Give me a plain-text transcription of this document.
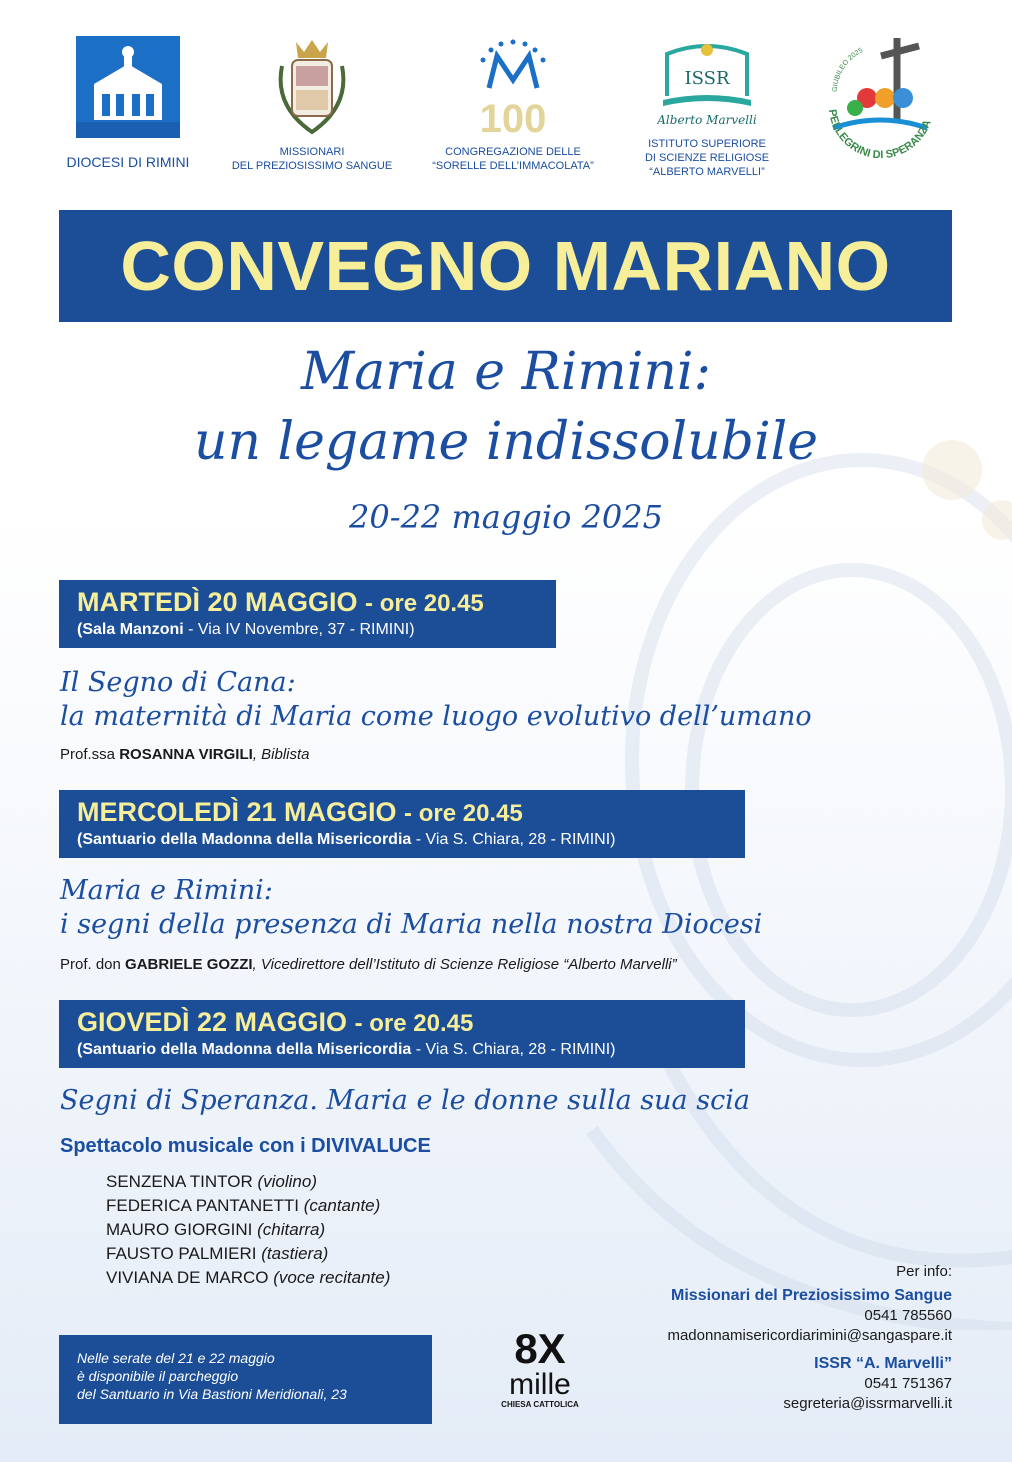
DIOCESI DI RIMINI
MISSIONARI
DEL PREZIOSISSIMO SANGUE
100
CONGREGAZIONE DELLE
“SORELLE DELL’IMMACOLATA”
ISSR
Alberto Marvelli
ISTITUTO SUPERIORE
DI SCIENZE RELIGIOSE
“ALBERTO MARVELLI”
GIUBILEO 2025
PELLEGRINI DI SPERANZA
CONVEGNO MARIANO
Maria e Rimini:
un legame indissolubile
20-22 maggio 2025
MARTEDÌ 20 MAGGIO - ore 20.45
(Sala Manzoni - Via IV Novembre, 37 - RIMINI)
Il Segno di Cana:
la maternità di Maria come luogo evolutivo dell’umano
Prof.ssa ROSANNA VIRGILI, Biblista
MERCOLEDÌ 21 MAGGIO - ore 20.45
(Santuario della Madonna della Misericordia - Via S. Chiara, 28 - RIMINI)
Maria e Rimini:
i segni della presenza di Maria nella nostra Diocesi
Prof. don GABRIELE GOZZI, Vicedirettore dell’Istituto di Scienze Religiose “Alberto Marvelli”
GIOVEDÌ 22 MAGGIO - ore 20.45
(Santuario della Madonna della Misericordia - Via S. Chiara, 28 - RIMINI)
Segni di Speranza. Maria e le donne sulla sua scia
Spettacolo musicale con i DIVIVALUCE
SENZENA TINTOR (violino)
FEDERICA PANTANETTI (cantante)
MAURO GIORGINI (chitarra)
FAUSTO PALMIERI (tastiera)
VIVIANA DE MARCO (voce recitante)	Per info:
Missionari del Preziosissimo Sangue
0541 785560
madonnamisericordiarimini@sangaspare.it
ISSR “A. Marvelli”
0541 751367
segreteria@issrmarvelli.it
Nelle serate del 21 e 22 maggio
è disponibile il parcheggio
del Santuario in Via Bastioni Meridionali, 23
8X
mille
CHIESA CATTOLICA
